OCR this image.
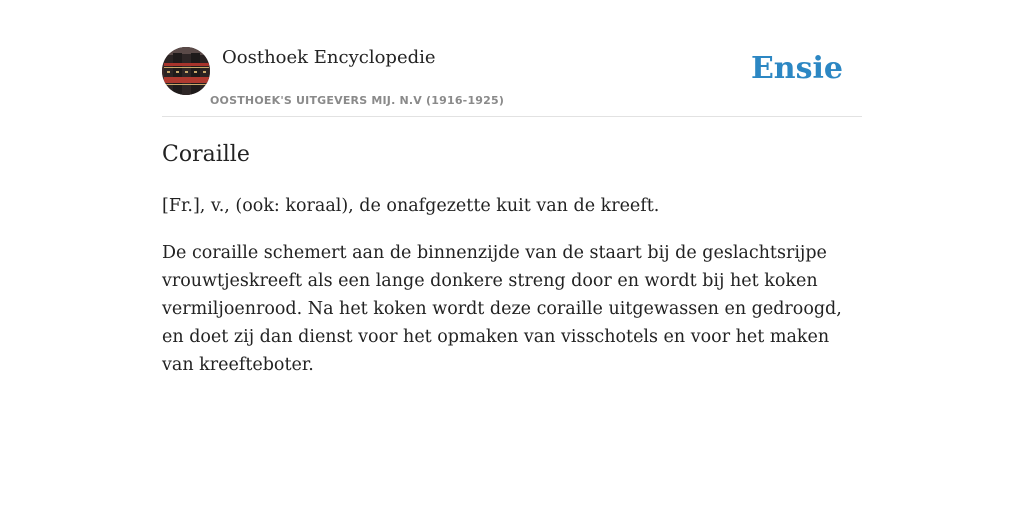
Oosthoek Encyclopedie
OOSTHOEK'S UITGEVERS MIJ. N.V (1916-1925)
Ensie
Coraille

[Fr.], v., (ook: koraal), de onafgezette kuit van de kreeft.

De coraille schemert aan de binnenzijde van de staart bij de geslachtsrijpe vrouwtjeskreeft als een lange donkere streng door en wordt bij het koken vermiljoenrood. Na het koken wordt deze coraille uitgewassen en gedroogd, en doet zij dan dienst voor het opmaken van visschotels en voor het maken van kreefteboter.
